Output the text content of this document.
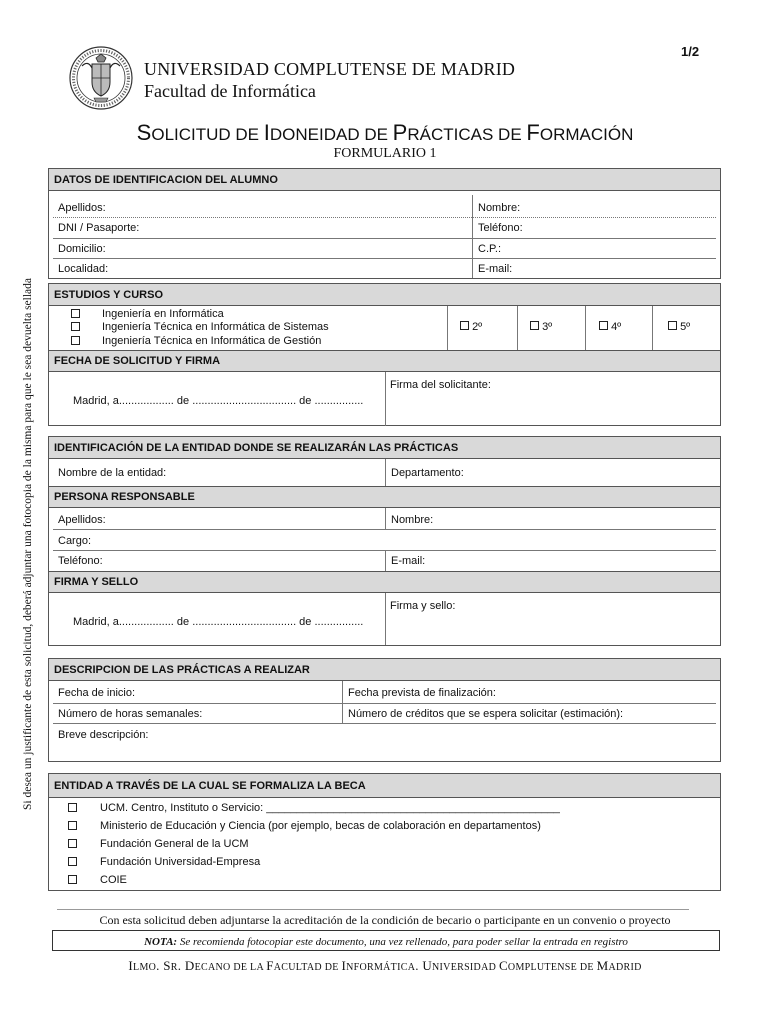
1/2
UNIVERSIDAD COMPLUTENSE DE MADRID
Facultad de Informática
SOLICITUD DE IDONEIDAD DE PRÁCTICAS DE FORMACIÓN
FORMULARIO 1
Si desea un justificante de esta solicitud, deberá adjuntar una fotocopia de la misma para que le sea devuelta sellada
DATOS DE IDENTIFICACION DEL ALUMNO
Apellidos:	Nombre:
DNI / Pasaporte:	Teléfono:
Domicilio:	C.P.:
Localidad:	E-mail:
ESTUDIOS Y CURSO
Ingeniería en Informática
Ingeniería Técnica en Informática de Sistemas
Ingeniería Técnica en Informática de Gestión
2º	3º	4º	5º
FECHA DE SOLICITUD Y FIRMA
Madrid, a.................. de .................................. de ................
Firma del solicitante:
IDENTIFICACIÓN DE LA ENTIDAD DONDE SE REALIZARÁN LAS PRÁCTICAS
Nombre de la entidad:	Departamento:
PERSONA RESPONSABLE
Apellidos:	Nombre:
Cargo:
Teléfono:	E-mail:
FIRMA Y SELLO
Madrid, a.................. de .................................. de ................
Firma y sello:
DESCRIPCION DE LAS PRÁCTICAS A REALIZAR
Fecha de inicio:	Fecha prevista de finalización:
Número de horas semanales:	Número de créditos que se espera solicitar (estimación):
Breve descripción:
ENTIDAD A TRAVÉS DE LA CUAL SE FORMALIZA LA BECA
UCM. Centro, Instituto o Servicio: ________________________________________________
Ministerio de Educación y Ciencia (por ejemplo, becas de colaboración en departamentos)
Fundación General de la UCM
Fundación Universidad-Empresa
COIE
Con esta solicitud deben adjuntarse la acreditación de la condición de becario o participante en un convenio o proyecto
NOTA:
Se recomienda fotocopiar este documento, una vez rellenado, para poder sellar la entrada en registro
ILMO. SR. DECANO DE LA FACULTAD DE INFORMÁTICA. UNIVERSIDAD COMPLUTENSE DE MADRID
